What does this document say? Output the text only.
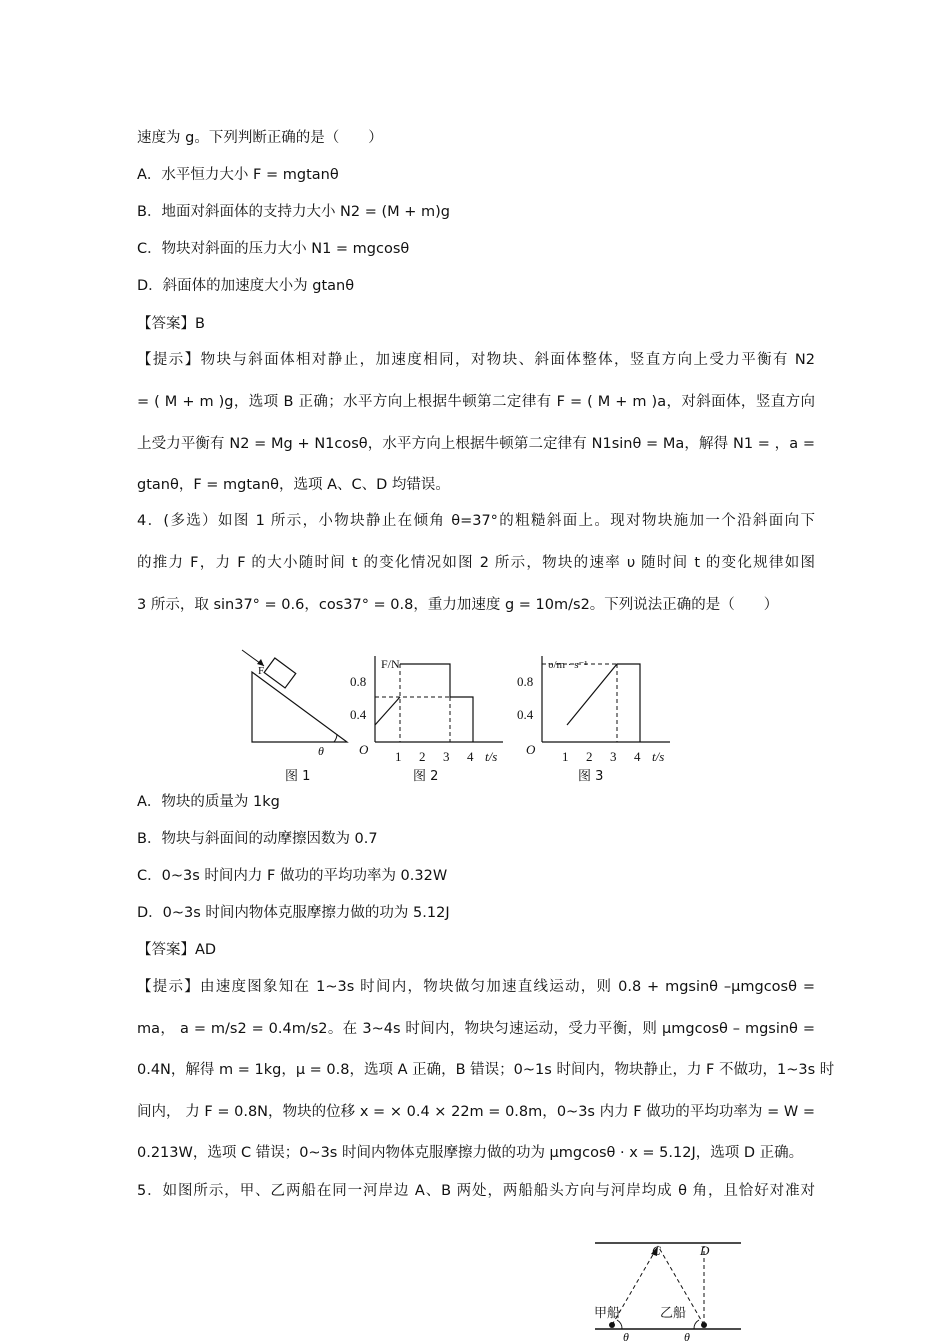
速度为 g。下列判断正确的是（　　）
A．水平恒力大小 F = mgtanθ
B．地面对斜面体的支持力大小 N2 = (M + m)g
C．物块对斜面的压力大小 N1 = mgcosθ
D．斜面体的加速度大小为 gtanθ
【答案】B
【提示】物块与斜面体相对静止，加速度相同，对物块、斜面体整体，竖直方向上受力平衡有 N2
= ( M + m )g，选项 B 正确；水平方向上根据牛顿第二定律有 F = ( M + m )a，对斜面体，竖直方向
上受力平衡有 N2 = Mg + N1cosθ，水平方向上根据牛顿第二定律有 N1sinθ = Ma，解得 N1 = ，a =
gtanθ，F = mgtanθ，选项 A、C、D 均错误。
4．(多选）如图 1 所示，小物块静止在倾角 θ=37°的粗糙斜面上。现对物块施加一个沿斜面向下
的推力 F，力 F 的大小随时间 t 的变化情况如图 2 所示，物块的速率 υ 随时间 t 的变化规律如图
3 所示，取 sin37° = 0.6，cos37° = 0.8，重力加速度 g = 10m/s2。下列说法正确的是（　　）
F
θ
图 1
F/N
0.8
0.4
O 1 2 3 4 t/s
图 2
υ/m · s⁻¹
0.8
0.4
O 1 2 3 4 t/s
图 3
A．物块的质量为 1kg
B．物块与斜面间的动摩擦因数为 0.7
C．0~3s 时间内力 F 做功的平均功率为 0.32W
D．0~3s 时间内物体克服摩擦力做的功为 5.12J
【答案】AD
【提示】由速度图象知在 1~3s 时间内，物块做匀加速直线运动，则 0.8 + mgsinθ –μmgcosθ =
ma， a = m/s2 = 0.4m/s2。在 3~4s 时间内，物块匀速运动，受力平衡，则 μmgcosθ – mgsinθ =
0.4N，解得 m = 1kg，μ = 0.8，选项 A 正确，B 错误；0~1s 时间内，物块静止，力 F 不做功，1~3s 时
间内， 力 F = 0.8N，物块的位移 x = × 0.4 × 22m = 0.8m，0~3s 内力 F 做功的平均功率为 = W =
0.213W，选项 C 错误；0~3s 时间内物体克服摩擦力做的功为 μmgcosθ · x = 5.12J，选项 D 正确。
5．如图所示，甲、乙两船在同一河岸边 A、B 两处，两船船头方向与河岸均成 θ 角，且恰好对准对
C	D
甲船	乙船
θ	θ
